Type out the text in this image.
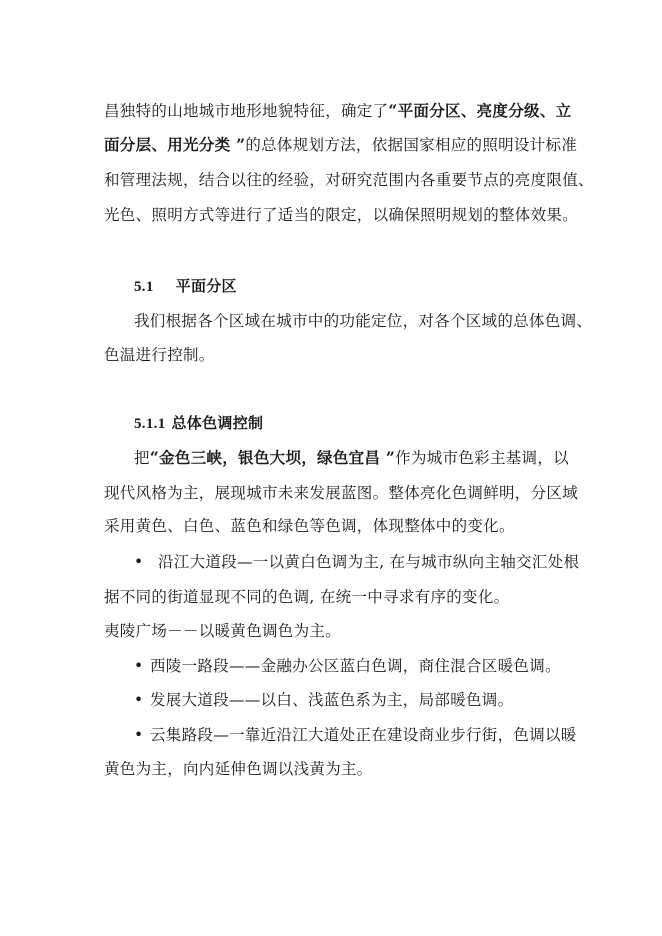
昌独特的山地城市地形地貌特征，确定了“平面分区、亮度分级、立
面分层、用光分类 ”的总体规划方法，依据国家相应的照明设计标准
和管理法规，结合以往的经验，对研究范围内各重要节点的亮度限值、
光色、照明方式等进行了适当的限定，以确保照明规划的整体效果。
5.1 平面分区
我们根据各个区域在城市中的功能定位，对各个区域的总体色调、
色温进行控制。
5.1.1 总体色调控制
把“金色三峡，银色大坝，绿色宜昌 ”作为城市色彩主基调，以
现代风格为主，展现城市未来发展蓝图。整体亮化色调鲜明，分区域
采用黄色、白色、蓝色和绿色等色调，体现整体中的变化。
• 沿江大道段—一以黄白色调为主, 在与城市纵向主轴交汇处根
据不同的街道显现不同的色调, 在统一中寻求有序的变化。
夷陵广场－－以暖黄色调色为主。
• 西陵一路段——金融办公区蓝白色调，商住混合区暖色调。
• 发展大道段——以白、浅蓝色系为主，局部暖色调。
• 云集路段—一靠近沿江大道处正在建设商业步行街，色调以暖
黄色为主，向内延伸色调以浅黄为主。
